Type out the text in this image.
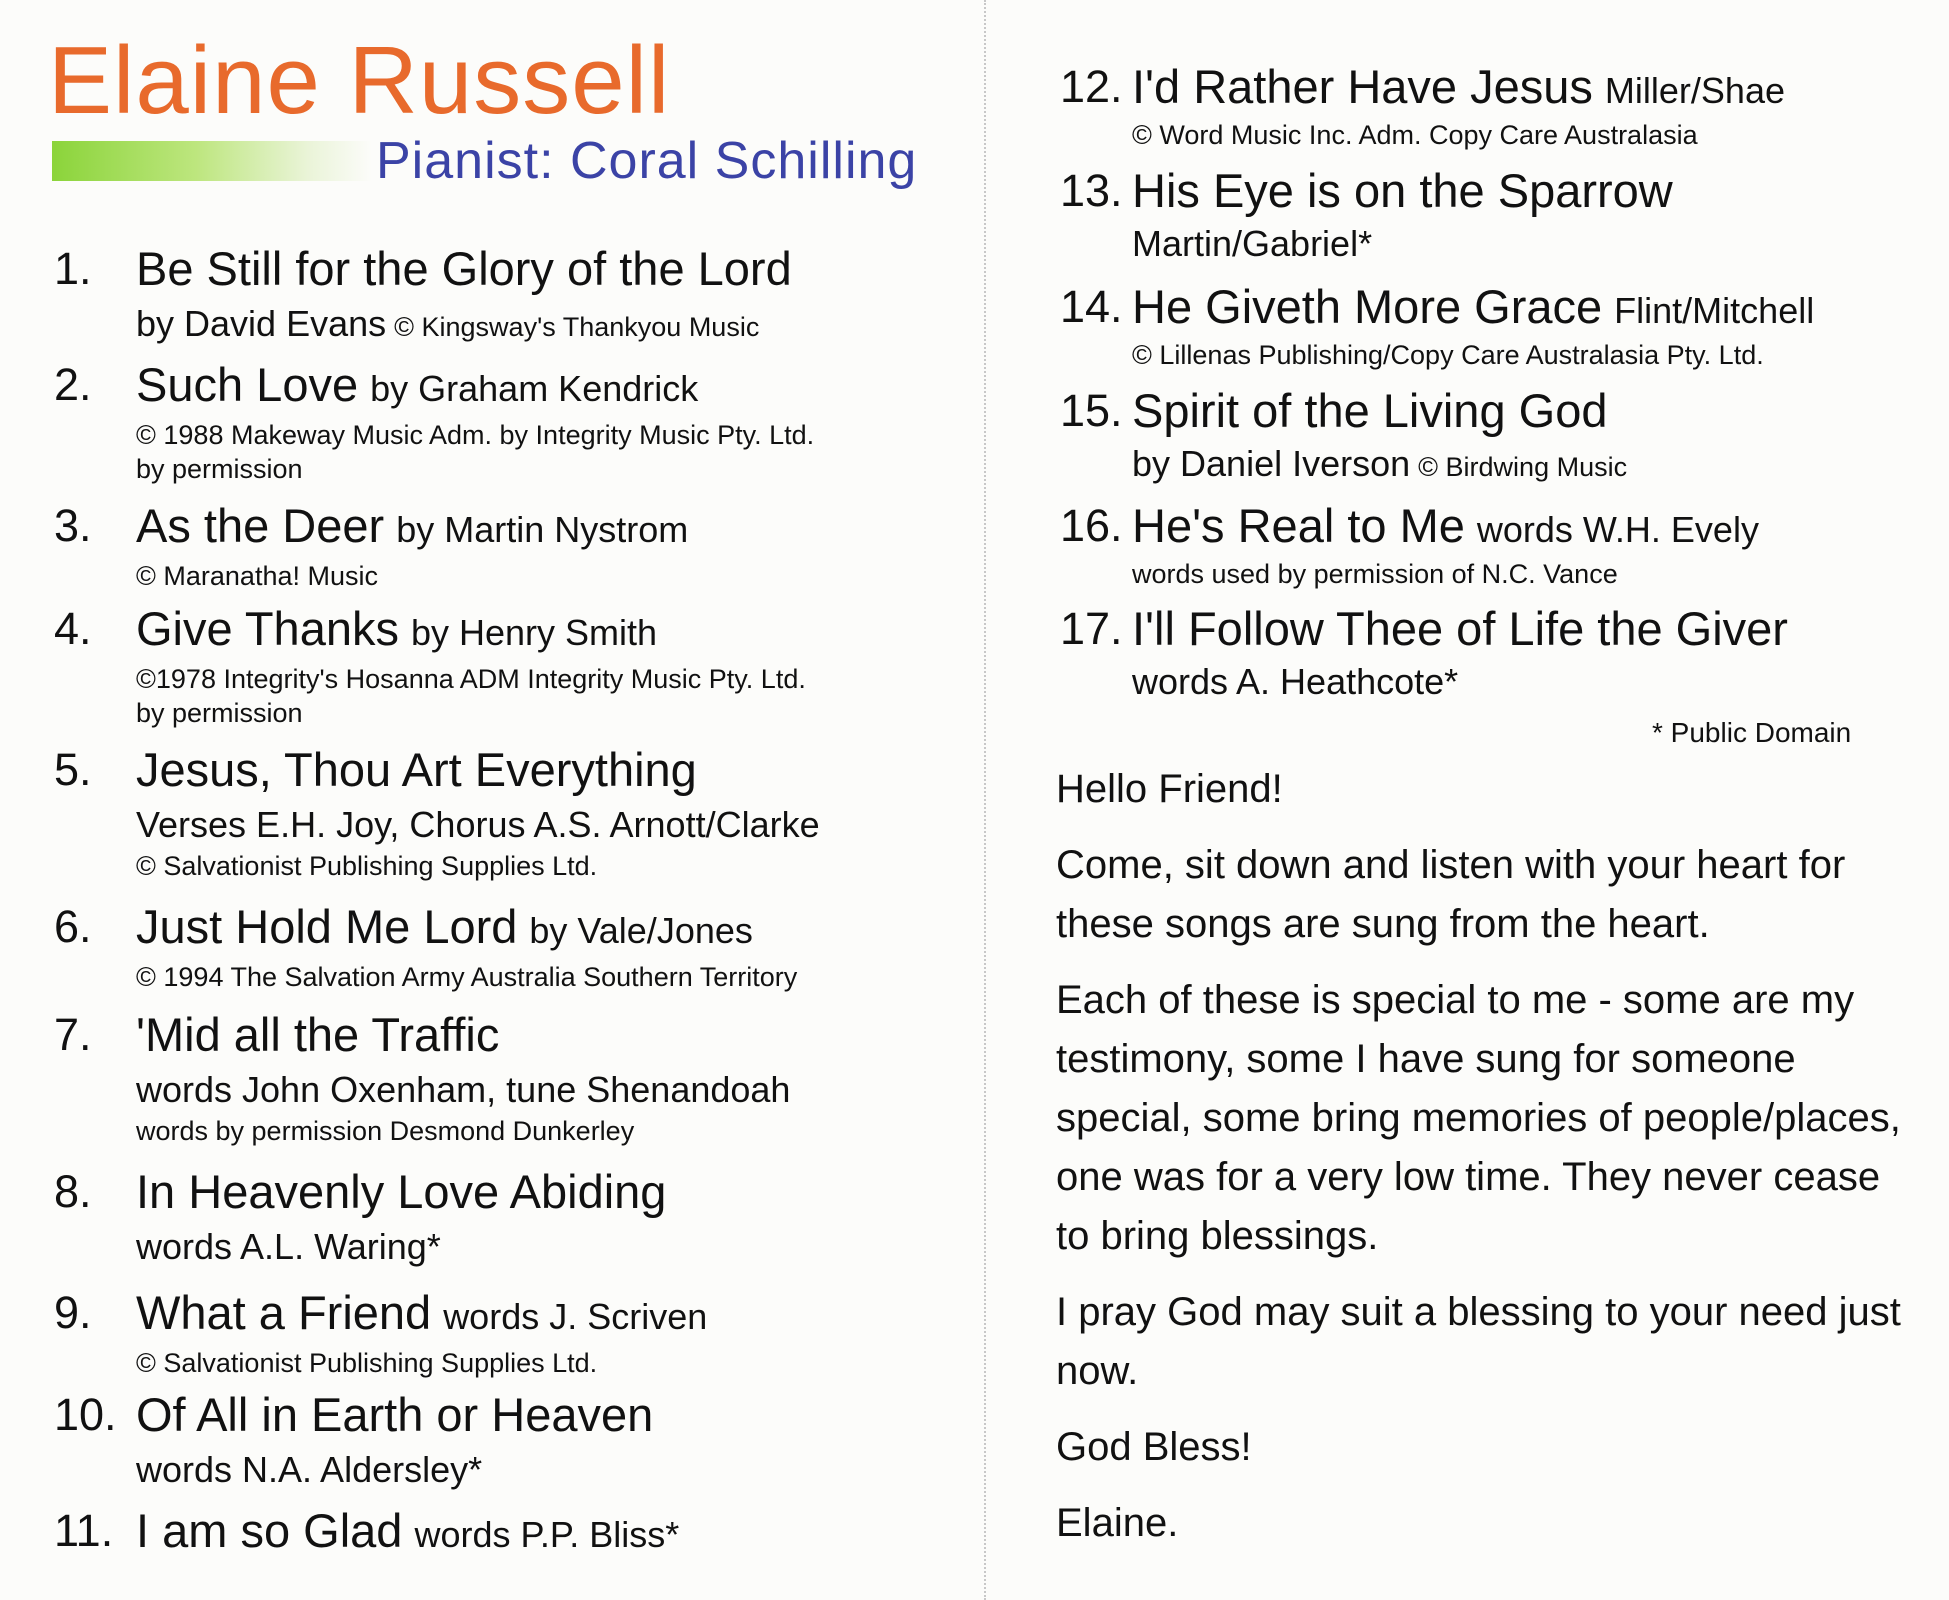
Elaine Russell
Pianist: Coral Schilling
1. Be Still for the Glory of the Lord
by David Evans © Kingsway's Thankyou Music
2. Such Love by Graham Kendrick
© 1988 Makeway Music Adm. by Integrity Music Pty. Ltd.
by permission
3. As the Deer by Martin Nystrom
© Maranatha! Music
4. Give Thanks by Henry Smith
©1978 Integrity's Hosanna ADM Integrity Music Pty. Ltd.
by permission
5. Jesus, Thou Art Everything
Verses E.H. Joy, Chorus A.S. Arnott/Clarke
© Salvationist Publishing Supplies Ltd.
6. Just Hold Me Lord by Vale/Jones
© 1994 The Salvation Army Australia Southern Territory
7. 'Mid all the Traffic
words John Oxenham, tune Shenandoah
words by permission Desmond Dunkerley
8. In Heavenly Love Abiding
words A.L. Waring*
9. What a Friend words J. Scriven
© Salvationist Publishing Supplies Ltd.
10. Of All in Earth or Heaven
words N.A. Aldersley*
11. I am so Glad words P.P. Bliss*
12. I'd Rather Have Jesus Miller/Shae
© Word Music Inc. Adm. Copy Care Australasia
13. His Eye is on the Sparrow
Martin/Gabriel*
14. He Giveth More Grace Flint/Mitchell
© Lillenas Publishing/Copy Care Australasia Pty. Ltd.
15. Spirit of the Living God
by Daniel Iverson © Birdwing Music
16. He's Real to Me words W.H. Evely
words used by permission of N.C. Vance
17. I'll Follow Thee of Life the Giver
words A. Heathcote*
* Public Domain

Hello Friend!

Come, sit down and listen with your heart for these songs are sung from the heart.

Each of these is special to me - some are my testimony, some I have sung for someone special, some bring memories of people/places, one was for a very low time. They never cease to bring blessings.

I pray God may suit a blessing to your need just now.

God Bless!

Elaine.
